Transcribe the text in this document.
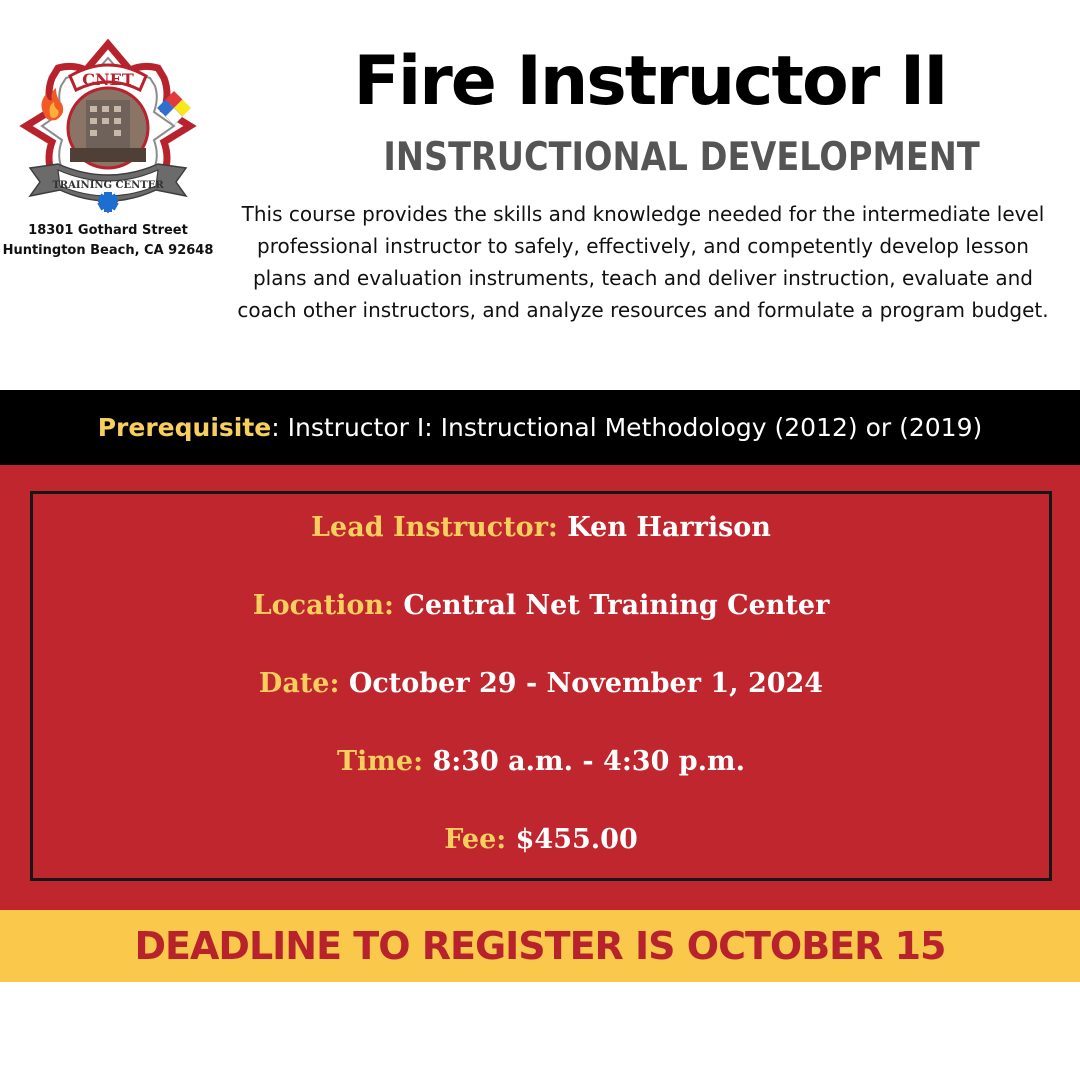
CNET
TRAINING CENTER
18301 Gothard Street
Huntington Beach, CA 92648
Fire Instructor II
INSTRUCTIONAL DEVELOPMENT
This course provides the skills and knowledge needed for the intermediate level professional instructor to safely, effectively, and competently develop lesson plans and evaluation instruments, teach and deliver instruction, evaluate and coach other instructors, and analyze resources and formulate a program budget.
Prerequisite : Instructor I: Instructional Methodology (2012) or (2019)
Lead Instructor: Ken Harrison
Location: Central Net Training Center
Date: October 29 - November 1, 2024
Time: 8:30 a.m. - 4:30 p.m.
Fee: $455.00
DEADLINE TO REGISTER IS OCTOBER 15
